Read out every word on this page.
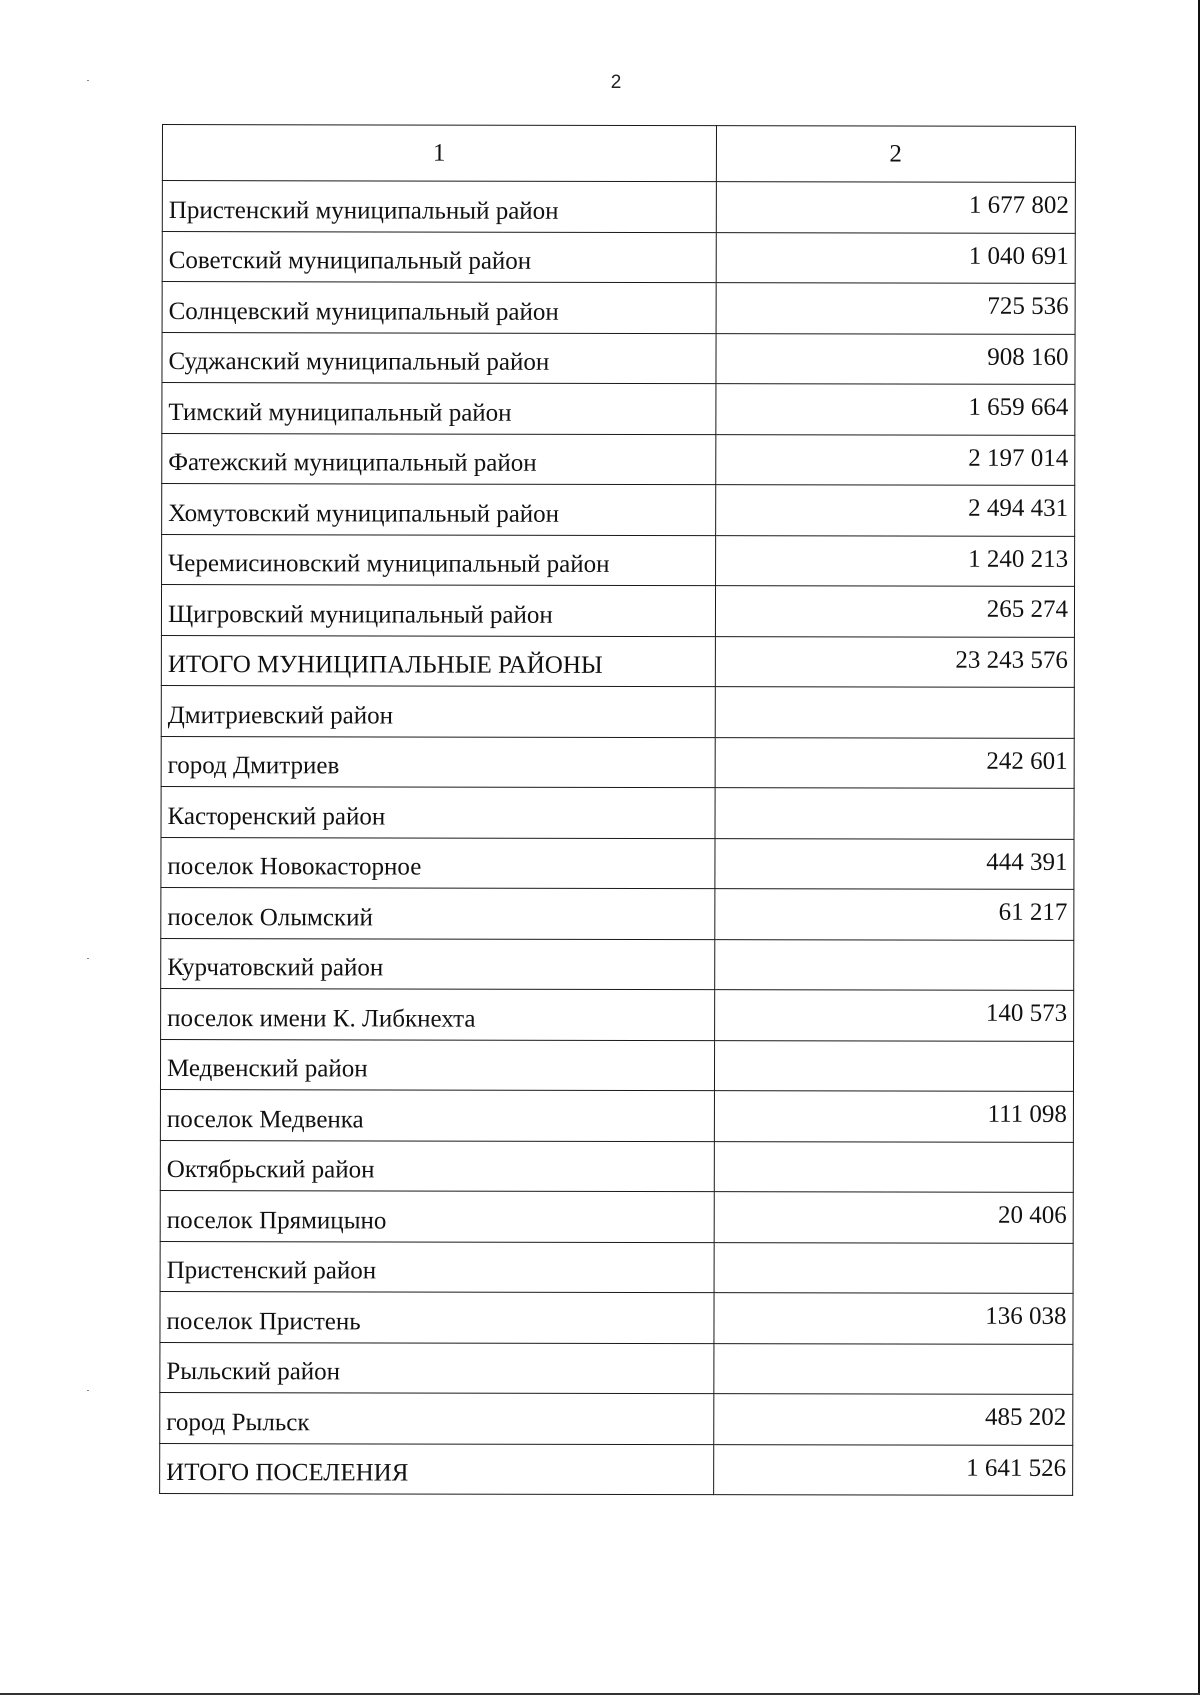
2
1	2
Пристенский муниципальный район	1 677 802
Советский муниципальный район	1 040 691
Солнцевский муниципальный район	725 536
Суджанский муниципальный район	908 160
Тимский муниципальный район	1 659 664
Фатежский муниципальный район	2 197 014
Хомутовский муниципальный район	2 494 431
Черемисиновский муниципальный район	1 240 213
Щигровский муниципальный район	265 274
ИТОГО МУНИЦИПАЛЬНЫЕ РАЙОНЫ	23 243 576
Дмитриевский район	
город Дмитриев	242 601
Касторенский район	
поселок Новокасторное	444 391
поселок Олымский	61 217
Курчатовский район	
поселок имени К. Либкнехта	140 573
Медвенский район	
поселок Медвенка	111 098
Октябрьский район	
поселок Прямицыно	20 406
Пристенский район	
поселок Пристень	136 038
Рыльский район	
город Рыльск	485 202
ИТОГО ПОСЕЛЕНИЯ	1 641 526
